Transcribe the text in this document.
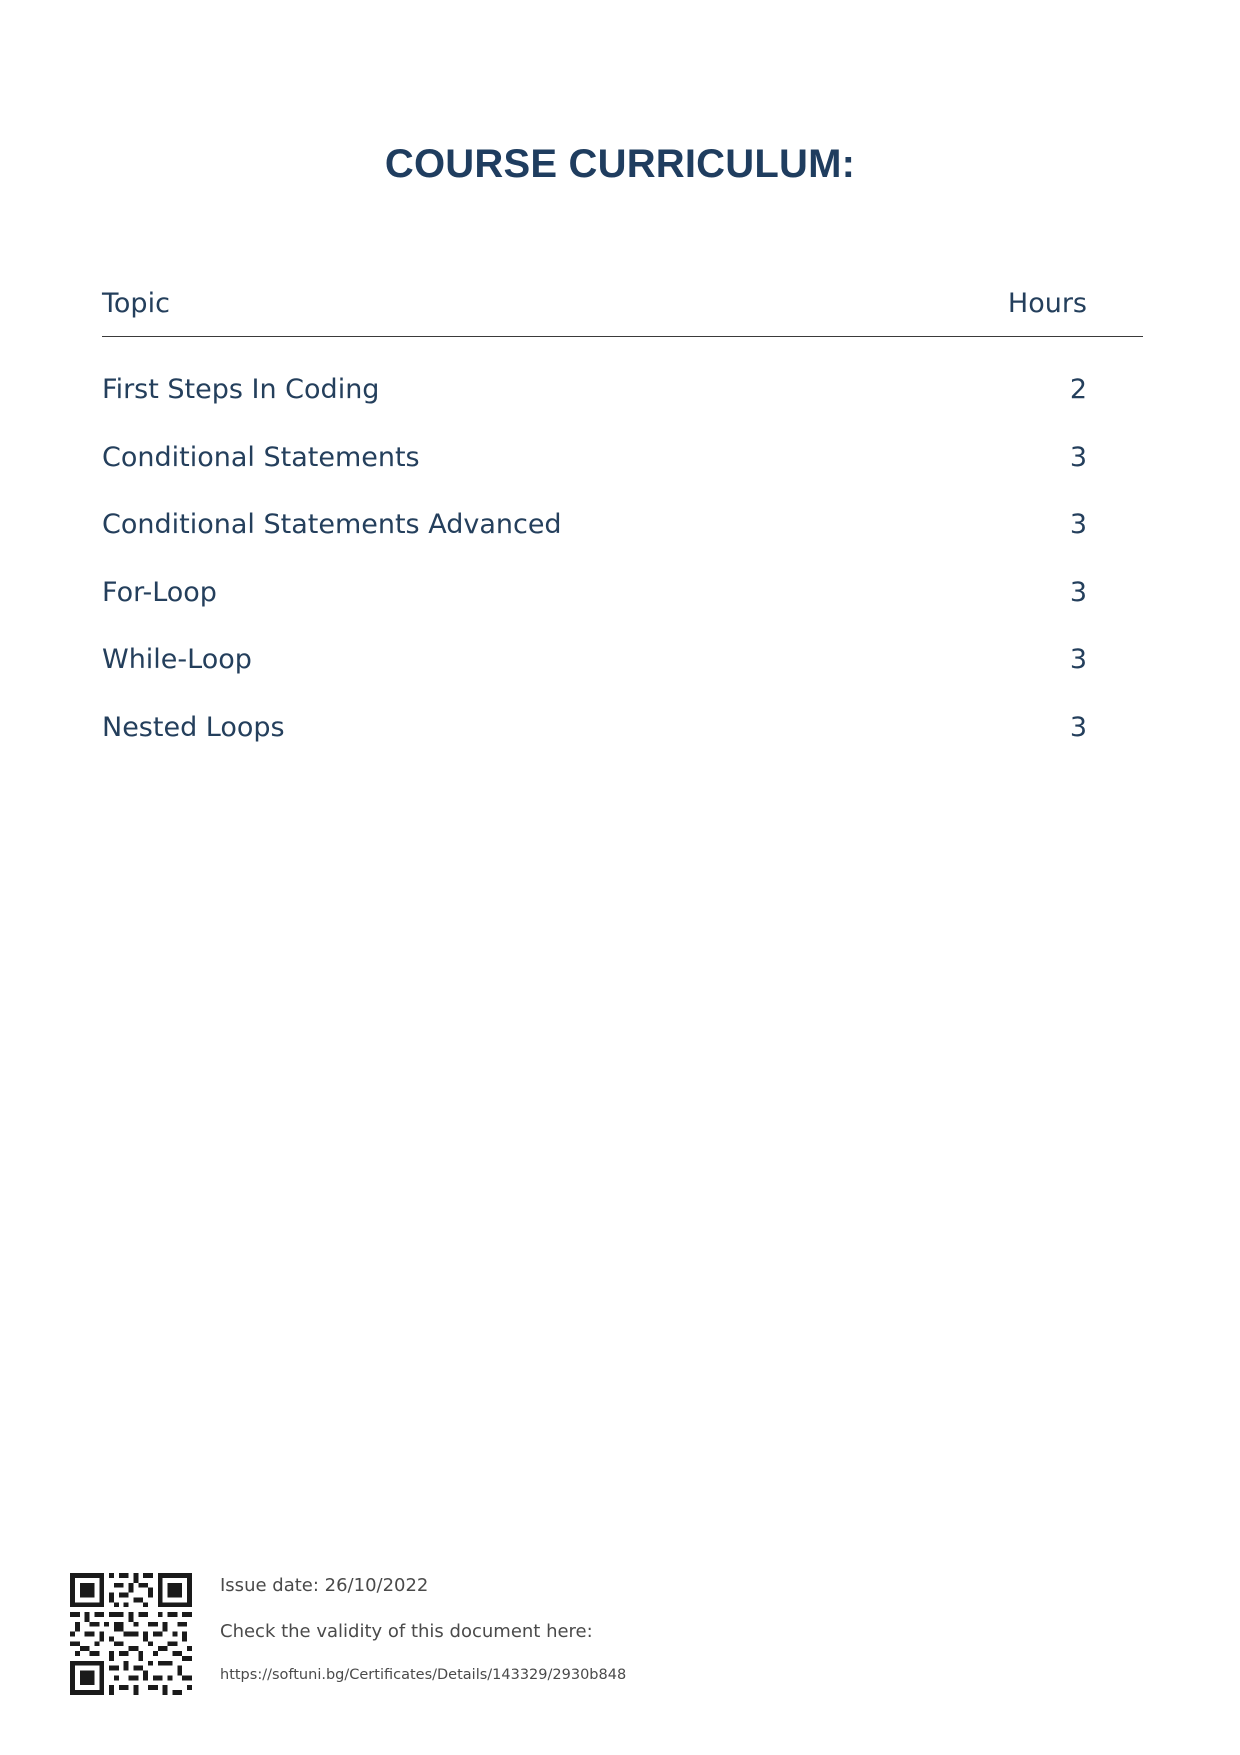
COURSE CURRICULUM:
Topic	Hours
First Steps In Coding	2
Conditional Statements	3
Conditional Statements Advanced	3
For-Loop	3
While-Loop	3
Nested Loops	3
Issue date: 26/10/2022
Check the validity of this document here:
https://softuni.bg/Certificates/Details/143329/2930b848
